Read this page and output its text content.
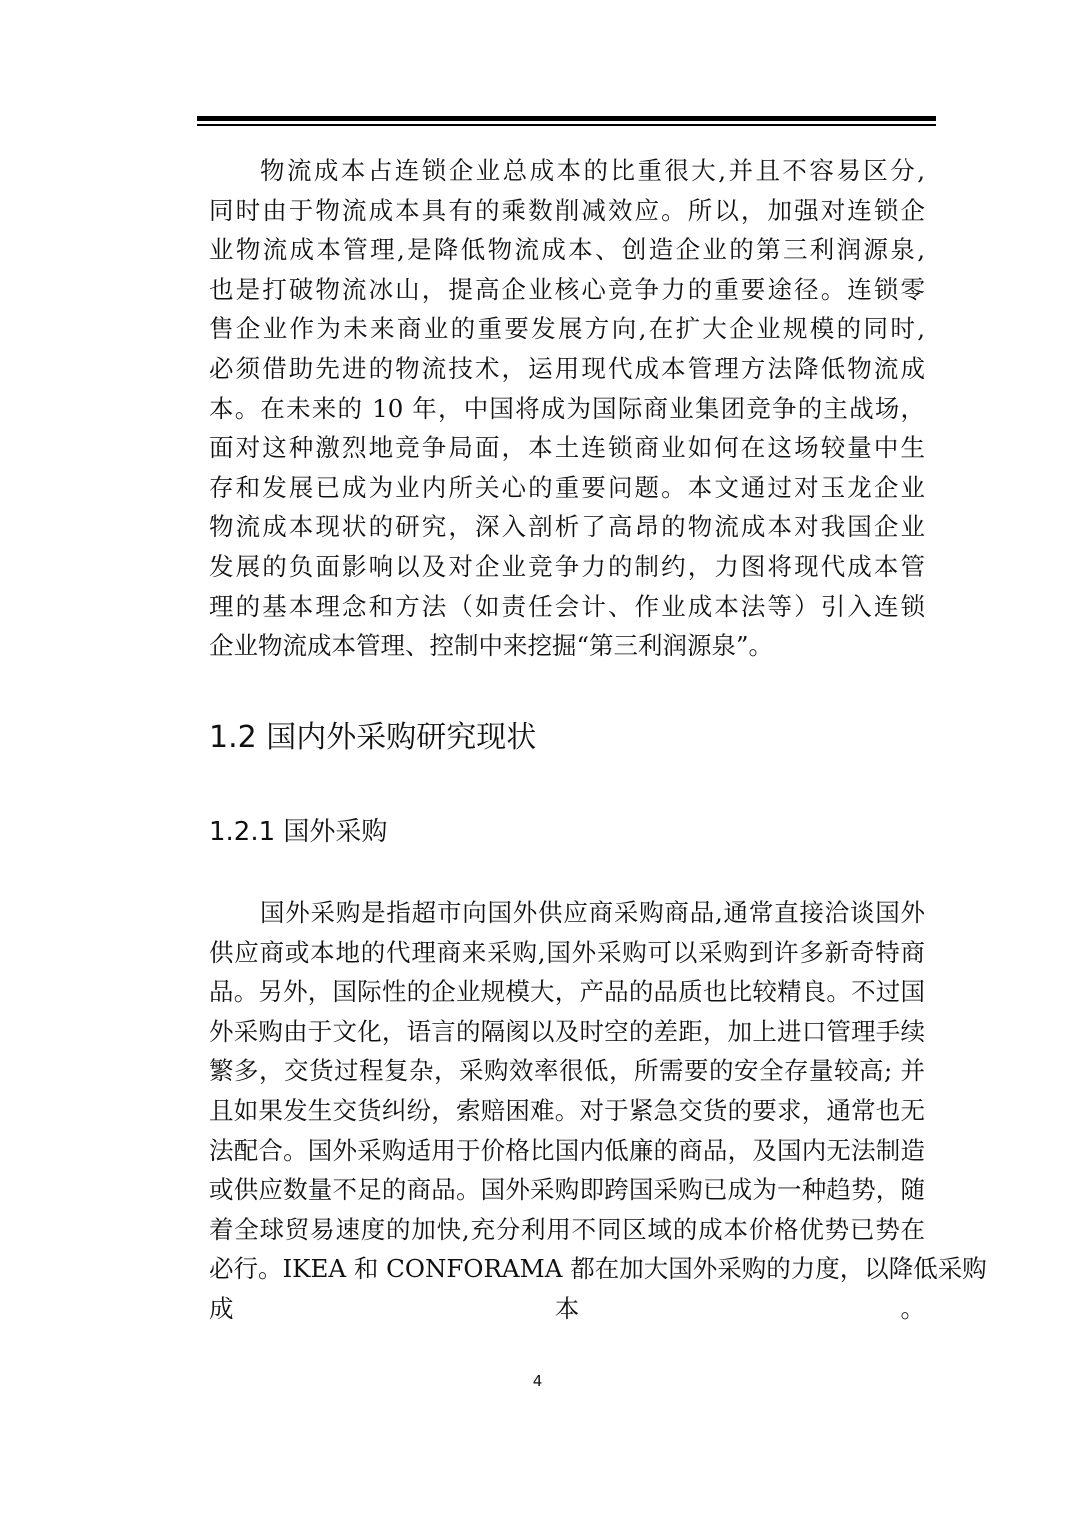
物流成本占连锁企业总成本的比重很大,并且不容易区分,
同时由于物流成本具有的乘数削减效应。所以，加强对连锁企
业物流成本管理,是降低物流成本、创造企业的第三利润源泉,
也是打破物流冰山，提高企业核心竞争力的重要途径。连锁零
售企业作为未来商业的重要发展方向,在扩大企业规模的同时,
必须借助先进的物流技术，运用现代成本管理方法降低物流成
本。在未来的 10 年，中国将成为国际商业集团竞争的主战场，
面对这种激烈地竞争局面，本土连锁商业如何在这场较量中生
存和发展已成为业内所关心的重要问题。本文通过对玉龙企业
物流成本现状的研究，深入剖析了高昂的物流成本对我国企业
发展的负面影响以及对企业竞争力的制约，力图将现代成本管
理的基本理念和方法（如责任会计、作业成本法等）引入连锁
企业物流成本管理、控制中来挖掘“第三利润源泉”。
1.2 国内外采购研究现状
1.2.1 国外采购
国外采购是指超市向国外供应商采购商品,通常直接洽谈国外
供应商或本地的代理商来采购,国外采购可以采购到许多新奇特商
品。另外，国际性的企业规模大，产品的品质也比较精良。不过国
外采购由于文化，语言的隔阂以及时空的差距，加上进口管理手续
繁多，交货过程复杂，采购效率很低，所需要的安全存量较高; 并
且如果发生交货纠纷，索赔困难。对于紧急交货的要求，通常也无
法配合。国外采购适用于价格比国内低廉的商品，及国内无法制造
或供应数量不足的商品。国外采购即跨国采购已成为一种趋势，随
着全球贸易速度的加快,充分利用不同区域的成本价格优势已势在
必行。IKEA 和 CONFORAMA 都在加大国外采购的力度，以降低采购
成 本 。
4
